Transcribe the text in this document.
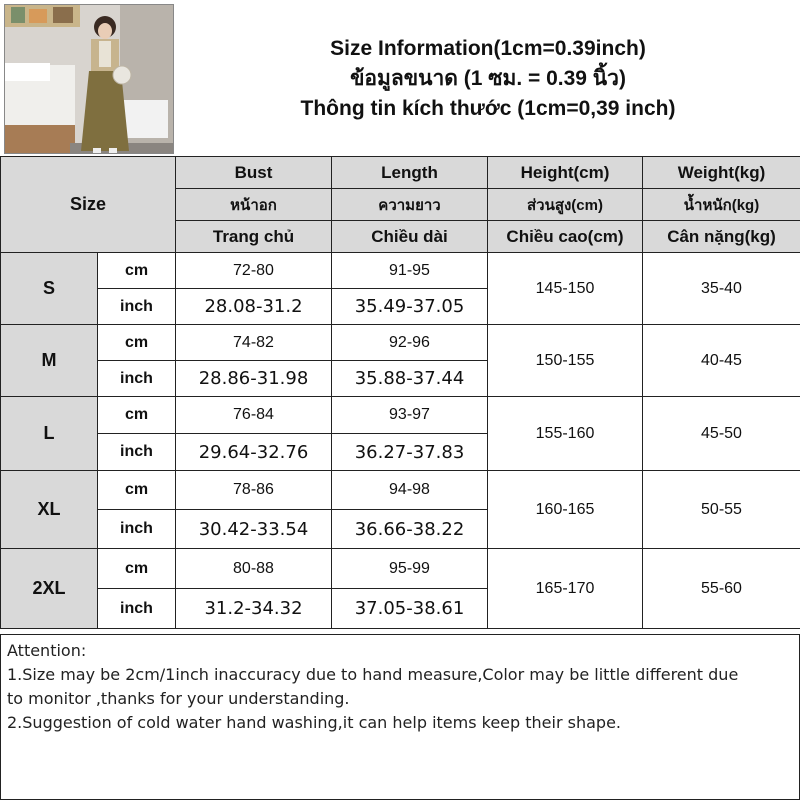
Size Information(1cm=0.39inch)
ข้อมูลขนาด (1 ซม. = 0.39 นิ้ว)
Thông tin kích thước (1cm=0,39 inch)
Size		Bust	Length	Height(cm)	Weight(kg)
		หน้าอก	ความยาว	ส่วนสูง(cm)	น้ำหนัก(kg)
		Trang chủ	Chiều dài	Chiều cao(cm)	Cân nặng(kg)
S	cm	72-80	91-95	145-150	35-40
	inch	28.08-31.2	35.49-37.05		
M	cm	74-82	92-96	150-155	40-45
	inch	28.86-31.98	35.88-37.44		
L	cm	76-84	93-97	155-160	45-50
	inch	29.64-32.76	36.27-37.83		
XL	cm	78-86	94-98	160-165	50-55
	inch	30.42-33.54	36.66-38.22		
2XL	cm	80-88	95-99	165-170	55-60
	inch	31.2-34.32	37.05-38.61		
Attention:
1.Size may be 2cm/1inch inaccuracy due to hand measure,Color may be little different due
to monitor ,thanks for your understanding.
2.Suggestion of cold water hand washing,it can help items keep their shape.
